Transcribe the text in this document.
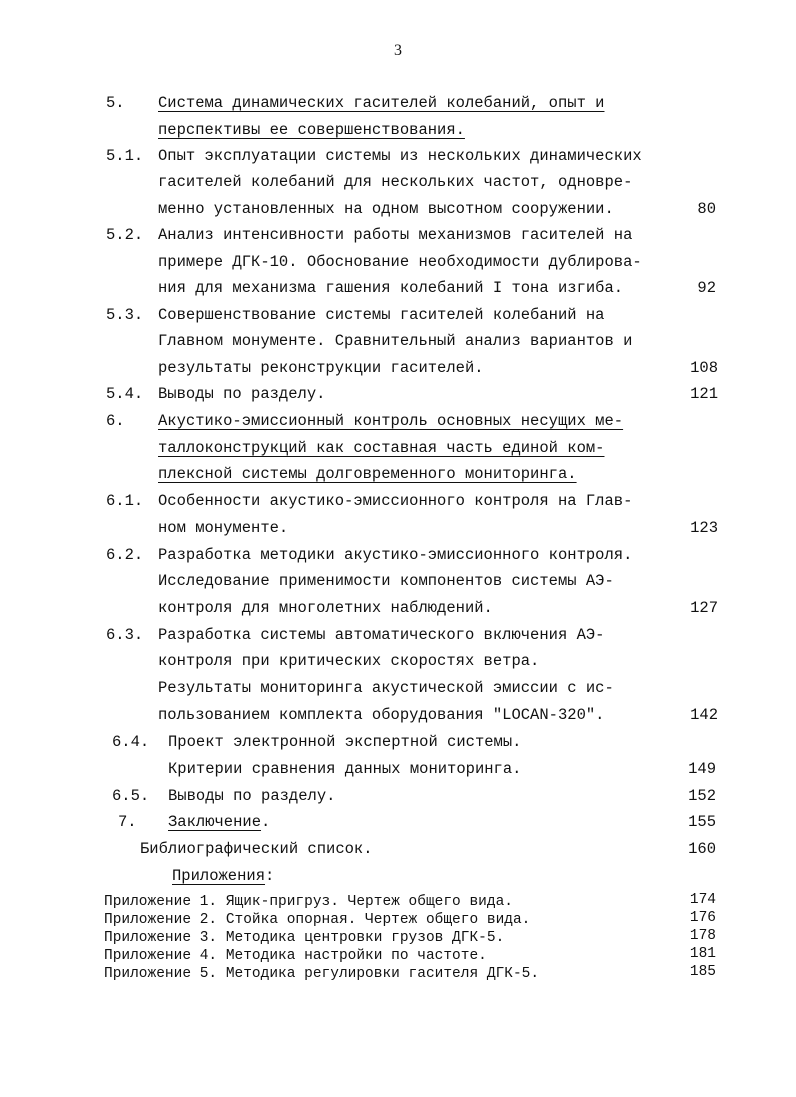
3
5. Система динамических гасителей колебаний, опыт и
перспективы ее совершенствования.
5.1. Опыт эксплуатации системы из нескольких динамических
гасителей колебаний для нескольких частот, одновре-
менно установленных на одном высотном сооружении.	80
5.2. Анализ интенсивности работы механизмов гасителей на
примере ДГК-10. Обоснование необходимости дублирова-
ния для механизма гашения колебаний I тона изгиба.	92
5.3. Совершенствование системы гасителей колебаний на
Главном монументе. Сравнительный анализ вариантов и
результаты реконструкции гасителей.	108
5.4. Выводы по разделу.	121
6. Акустико-эмиссионный контроль основных несущих ме-
таллоконструкций как составная часть единой ком-
плексной системы долговременного мониторинга.
6.1. Особенности акустико-эмиссионного контроля на Глав-
ном монументе.	123
6.2. Разработка методики акустико-эмиссионного контроля.
Исследование применимости компонентов системы АЭ-
контроля для многолетних наблюдений.	127
6.3. Разработка системы автоматического включения АЭ-
контроля при критических скоростях ветра.
Результаты мониторинга акустической эмиссии с ис-
пользованием комплекта оборудования "LOCAN-320".	142
6.4. Проект электронной экспертной системы.
Критерии сравнения данных мониторинга.	149
6.5. Выводы по разделу.	152
7. Заключение.	155
Библиографический список.	160
Приложения:
Приложение 1. Ящик-пригруз. Чертеж общего вида.	174
Приложение 2. Стойка опорная. Чертеж общего вида.	176
Приложение 3. Методика центровки грузов ДГК-5.	178
Приложение 4. Методика настройки по частоте.	181
Приложение 5. Методика регулировки гасителя ДГК-5.	185
